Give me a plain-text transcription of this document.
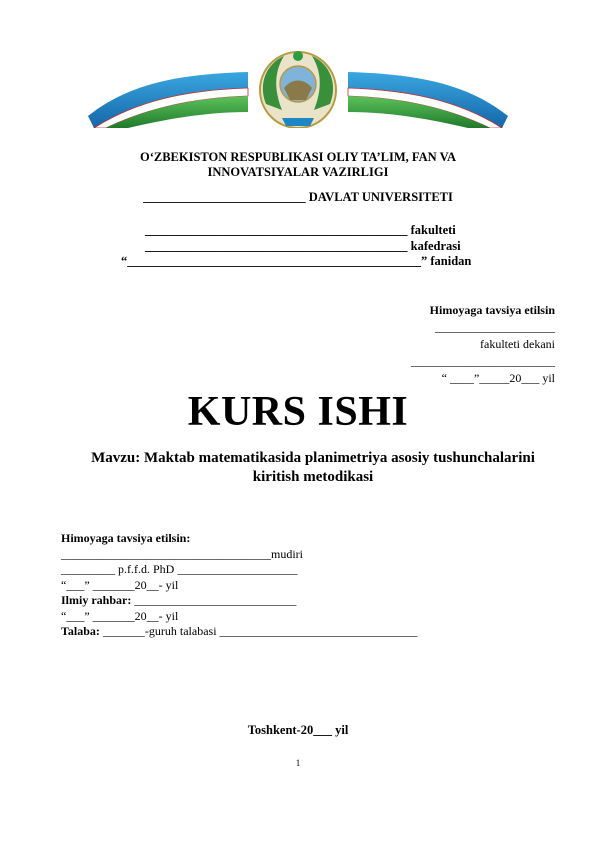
O‘ZBEKISTON RESPUBLIKASI OLIY TA’LIM, FAN VA
INNOVATSIYALAR VAZIRLIGI
__________________________ DAVLAT UNIVERSITETI
__________________________________________ fakulteti
__________________________________________ kafedrasi
“_______________________________________________” fanidan
Himoyaga tavsiya etilsin
____________________
fakulteti dekani
________________________
“ ____”_____20___ yil
KURS ISHI
Mavzu: Maktab matematikasida planimetriya asosiy tushunchalarini
kiritish metodikasi
Himoyaga tavsiya etilsin:
___________________________________mudiri
_________ p.f.f.d. PhD ____________________
“___” _______20__- yil
Ilmiy rahbar: ___________________________
“___” _______20__- yil
Talaba: _______-guruh talabasi _________________________________
Toshkent-20___ yil
1
